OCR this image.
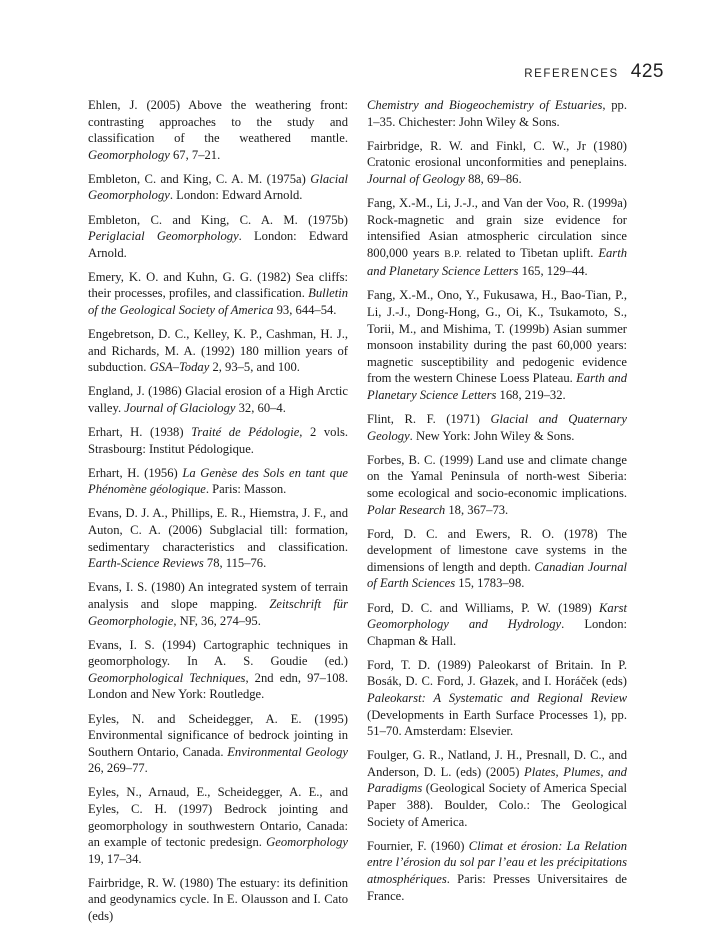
REFERENCES 425

Ehlen, J. (2005) Above the weathering front: contrasting approaches to the study and classification of the weathered mantle. Geomorphology 67, 7–21.

Embleton, C. and King, C. A. M. (1975a) Glacial Geomorphology. London: Edward Arnold.

Embleton, C. and King, C. A. M. (1975b) Periglacial Geomorphology. London: Edward Arnold.

Emery, K. O. and Kuhn, G. G. (1982) Sea cliffs: their processes, profiles, and classification. Bulletin of the Geological Society of America 93, 644–54.

Engebretson, D. C., Kelley, K. P., Cashman, H. J., and Richards, M. A. (1992) 180 million years of subduction. GSA–Today 2, 93–5, and 100.

England, J. (1986) Glacial erosion of a High Arctic valley. Journal of Glaciology 32, 60–4.

Erhart, H. (1938) Traité de Pédologie, 2 vols. Strasbourg: Institut Pédologique.

Erhart, H. (1956) La Genèse des Sols en tant que Phénomène géologique. Paris: Masson.

Evans, D. J. A., Phillips, E. R., Hiemstra, J. F., and Auton, C. A. (2006) Subglacial till: formation, sedimentary characteristics and classification. Earth-Science Reviews 78, 115–76.

Evans, I. S. (1980) An integrated system of terrain analysis and slope mapping. Zeitschrift für Geomorphologie, NF, 36, 274–95.

Evans, I. S. (1994) Cartographic techniques in geomorphology. In A. S. Goudie (ed.) Geomorphological Techniques, 2nd edn, 97–108. London and New York: Routledge.

Eyles, N. and Scheidegger, A. E. (1995) Environmental significance of bedrock jointing in Southern Ontario, Canada. Environmental Geology 26, 269–77.

Eyles, N., Arnaud, E., Scheidegger, A. E., and Eyles, C. H. (1997) Bedrock jointing and geomorphology in southwestern Ontario, Canada: an example of tectonic predesign. Geomorphology 19, 17–34.

Fairbridge, R. W. (1980) The estuary: its definition and geodynamics cycle. In E. Olausson and I. Cato (eds)

Chemistry and Biogeochemistry of Estuaries, pp. 1–35. Chichester: John Wiley & Sons.

Fairbridge, R. W. and Finkl, C. W., Jr (1980) Cratonic erosional unconformities and peneplains. Journal of Geology 88, 69–86.

Fang, X.-M., Li, J.-J., and Van der Voo, R. (1999a) Rock-magnetic and grain size evidence for intensified Asian atmospheric circulation since 800,000 years B.P. related to Tibetan uplift. Earth and Planetary Science Letters 165, 129–44.

Fang, X.-M., Ono, Y., Fukusawa, H., Bao-Tian, P., Li, J.-J., Dong-Hong, G., Oi, K., Tsukamoto, S., Torii, M., and Mishima, T. (1999b) Asian summer monsoon instability during the past 60,000 years: magnetic susceptibility and pedogenic evidence from the western Chinese Loess Plateau. Earth and Planetary Science Letters 168, 219–32.

Flint, R. F. (1971) Glacial and Quaternary Geology. New York: John Wiley & Sons.

Forbes, B. C. (1999) Land use and climate change on the Yamal Peninsula of north-west Siberia: some ecological and socio-economic implications. Polar Research 18, 367–73.

Ford, D. C. and Ewers, R. O. (1978) The development of limestone cave systems in the dimensions of length and depth. Canadian Journal of Earth Sciences 15, 1783–98.

Ford, D. C. and Williams, P. W. (1989) Karst Geomorphology and Hydrology. London: Chapman & Hall.

Ford, T. D. (1989) Paleokarst of Britain. In P. Bosák, D. C. Ford, J. Głazek, and I. Horáček (eds) Paleokarst: A Systematic and Regional Review (Developments in Earth Surface Processes 1), pp. 51–70. Amsterdam: Elsevier.

Foulger, G. R., Natland, J. H., Presnall, D. C., and Anderson, D. L. (eds) (2005) Plates, Plumes, and Paradigms (Geological Society of America Special Paper 388). Boulder, Colo.: The Geological Society of America.

Fournier, F. (1960) Climat et érosion: La Relation entre l’érosion du sol par l’eau et les précipitations atmosphériques. Paris: Presses Universitaires de France.
